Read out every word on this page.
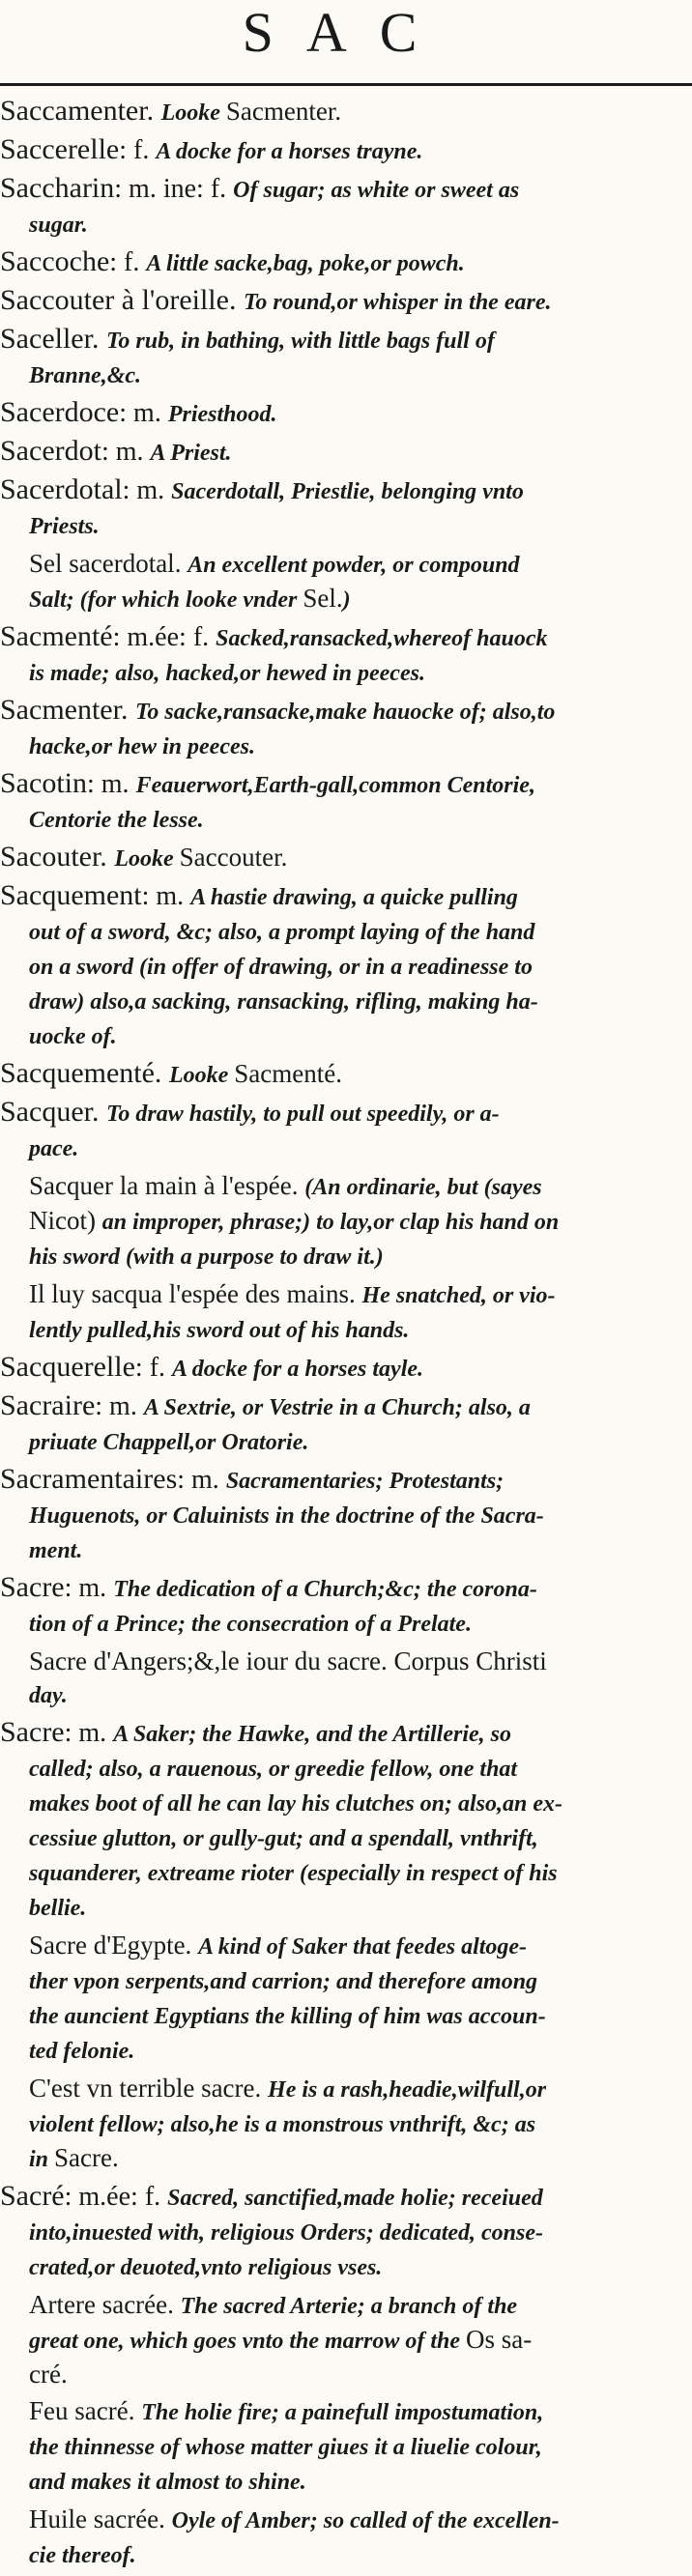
SAC
Saccamenter. Looke Sacmenter.
Saccerelle: f. A docke for a horses trayne.
Saccharin: m. ine: f. Of sugar; as white or sweet as
sugar.
Saccoche: f. A little sacke,bag, poke,or powch.
Saccouter à l'oreille. To round,or whisper in the eare.
Saceller. To rub, in bathing, with little bags full of
Branne,&c.
Sacerdoce: m. Priesthood.
Sacerdot: m. A Priest.
Sacerdotal: m. Sacerdotall, Priestlie, belonging vnto
Priests.
Sel sacerdotal. An excellent powder, or compound
Salt; (for which looke vnder Sel.)
Sacmenté: m.ée: f. Sacked,ransacked,whereof hauock
is made; also, hacked,or hewed in peeces.
Sacmenter. To sacke,ransacke,make hauocke of; also,to
hacke,or hew in peeces.
Sacotin: m. Feauerwort,Earth-gall,common Centorie,
Centorie the lesse.
Sacouter. Looke Saccouter.
Sacquement: m. A hastie drawing, a quicke pulling
out of a sword, &c; also, a prompt laying of the hand
on a sword (in offer of drawing, or in a readinesse to
draw) also,a sacking, ransacking, rifling, making ha-
uocke of.
Sacquementé. Looke Sacmenté.
Sacquer. To draw hastily, to pull out speedily, or a-
pace.
Sacquer la main à l'espée. (An ordinarie, but (sayes
Nicot) an improper, phrase;) to lay,or clap his hand on
his sword (with a purpose to draw it.)
Il luy sacqua l'espée des mains. He snatched, or vio-
lently pulled,his sword out of his hands.
Sacquerelle: f. A docke for a horses tayle.
Sacraire: m. A Sextrie, or Vestrie in a Church; also, a
priuate Chappell,or Oratorie.
Sacramentaires: m. Sacramentaries; Protestants;
Huguenots, or Caluinists in the doctrine of the Sacra-
ment.
Sacre: m. The dedication of a Church;&c; the corona-
tion of a Prince; the consecration of a Prelate.
Sacre d'Angers;&,le iour du sacre. Corpus Christi
day.
Sacre: m. A Saker; the Hawke, and the Artillerie, so
called; also, a rauenous, or greedie fellow, one that
makes boot of all he can lay his clutches on; also,an ex-
cessiue glutton, or gully-gut; and a spendall, vnthrift,
squanderer, extreame rioter (especially in respect of his
bellie.
Sacre d'Egypte. A kind of Saker that feedes altoge-
ther vpon serpents,and carrion; and therefore among
the auncient Egyptians the killing of him was accoun-
ted felonie.
C'est vn terrible sacre. He is a rash,headie,wilfull,or
violent fellow; also,he is a monstrous vnthrift, &c; as
in Sacre.
Sacré: m.ée: f. Sacred, sanctified,made holie; receiued
into,inuested with, religious Orders; dedicated, conse-
crated,or deuoted,vnto religious vses.
Artere sacrée. The sacred Arterie; a branch of the
great one, which goes vnto the marrow of the Os sa-
cré.
Feu sacré. The holie fire; a painefull impostumation,
the thinnesse of whose matter giues it a liuelie colour,
and makes it almost to shine.
Huile sacrée. Oyle of Amber; so called of the excellen-
cie thereof.
